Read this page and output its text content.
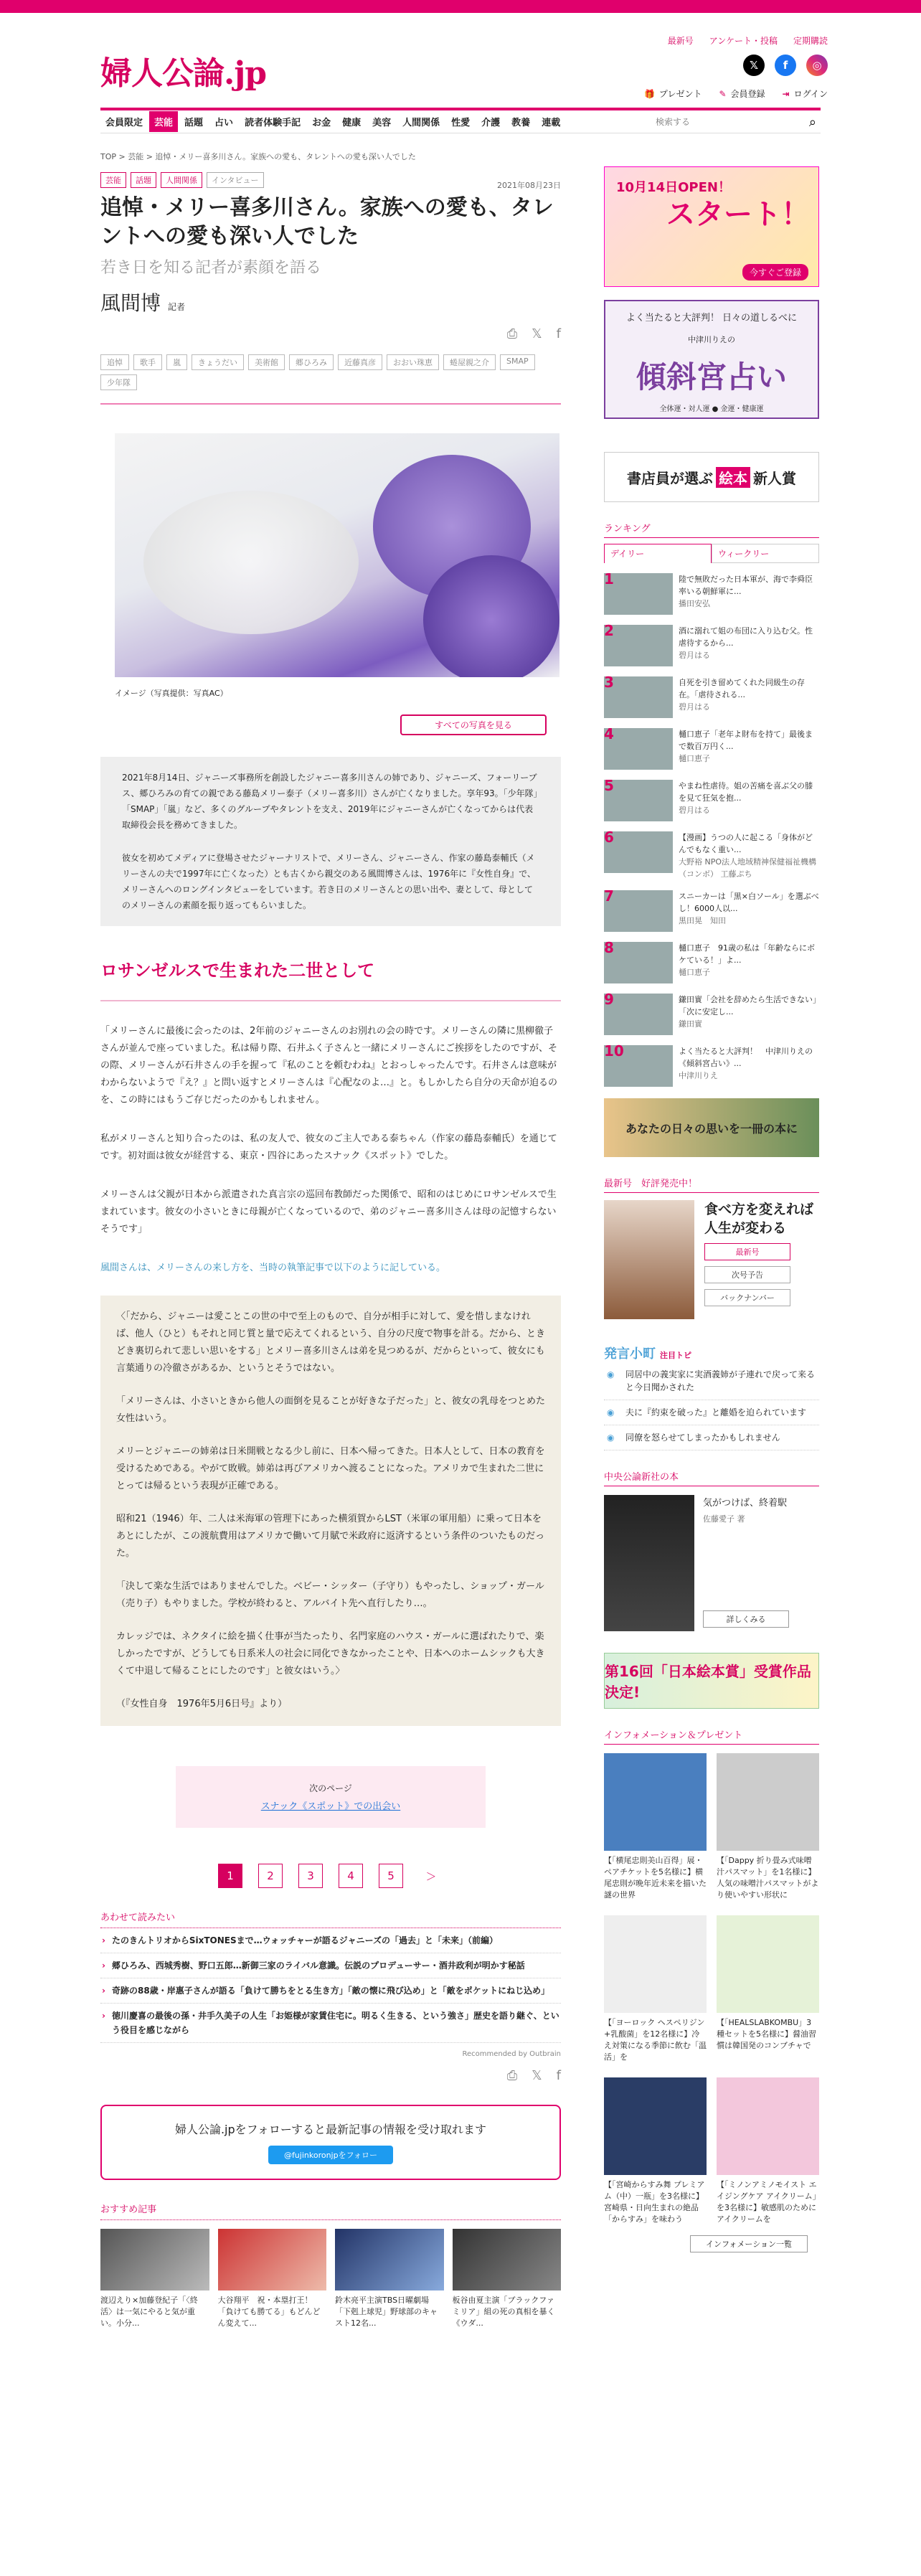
婦人公論.jp
最新号 アンケート・投稿 定期購読
𝕏	f	◎
🎁 プレゼント ✎ 会員登録 ⇥ ログイン
会員限定	芸能	話題	占い	読者体験手記	お金	健康	美容	人間関係	性愛	介護	教養	連載
検索する	⌕
TOP > 芸能 > 追悼・メリー喜多川さん。家族への愛も、タレントへの愛も深い人でした
芸能	話題	人間関係	インタビュー
2021年08月23日
追悼・メリー喜多川さん。家族への愛も、タレントへの愛も深い人でした
若き日を知る記者が素顔を語る
風間博 記者
⎙ 𝕏 f
追悼	歌手	嵐	きょうだい	美術館	郷ひろみ	近藤真彦	おおい珠恵	蜷屋親之介	SMAP
少年隊
イメージ（写真提供：写真AC）
すべての写真を見る

2021年8月14日、ジャニーズ事務所を創設したジャニー喜多川さんの姉であり、ジャニーズ、フォーリーブス、郷ひろみの育ての親である藤島メリー泰子（メリー喜多川）さんが亡くなりました。享年93。「少年隊」「SMAP」「嵐」など、多くのグループやタレントを支え、2019年にジャニーさんが亡くなってからは代表取締役会長を務めてきました。

彼女を初めてメディアに登場させたジャーナリストで、メリーさん、ジャニーさん、作家の藤島泰輔氏（メリーさんの夫で1997年に亡くなった）とも古くから親交のある風間博さんは、1976年に『女性自身』で、メリーさんへのロングインタビューをしています。若き日のメリーさんとの思い出や、妻として、母としてのメリーさんの素顔を振り返ってもらいました。

ロサンゼルスで生まれた二世として

「メリーさんに最後に会ったのは、2年前のジャニーさんのお別れの会の時です。メリーさんの隣に黒柳徹子さんが並んで座っていました。私は帰り際、石井ふく子さんと一緒にメリーさんにご挨拶をしたのですが、その際、メリーさんが石井さんの手を握って『私のことを頼むわね』とおっしゃったんです。石井さんは意味がわからないようで『え？』と問い返すとメリーさんは『心配なのよ…』と。もしかしたら自分の天命が迫るのを、この時にはもうご存じだったのかもしれません。

私がメリーさんと知り合ったのは、私の友人で、彼女のご主人である泰ちゃん（作家の藤島泰輔氏）を通じてです。初対面は彼女が経営する、東京・四谷にあったスナック《スポット》でした。

メリーさんは父親が日本から派遣された真言宗の巡回布教師だった関係で、昭和のはじめにロサンゼルスで生まれています。彼女の小さいときに母親が亡くなっているので、弟のジャニー喜多川さんは母の記憶すらないそうです」

風間さんは、メリーさんの来し方を、当時の執筆記事で以下のように記している。

〈「だから、ジャニーは愛ことこの世の中で至上のもので、自分が相手に対して、愛を惜しまなければ、他人（ひと）もそれと同じ質と量で応えてくれるという、自分の尺度で物事を計る。だから、ときどき裏切られて悲しい思いをする」とメリー喜多川さんは弟を見つめるが、だからといって、彼女にも言葉通りの冷徹さがあるか、というとそうではない。

「メリーさんは、小さいときから他人の面倒を見ることが好きな子だった」と、彼女の乳母をつとめた女性はいう。

メリーとジャニーの姉弟は日米開戦となる少し前に、日本へ帰ってきた。日本人として、日本の教育を受けるためである。やがて敗戦。姉弟は再びアメリカへ渡ることになった。アメリカで生まれた二世にとっては帰るという表現が正確である。

昭和21（1946）年、二人は米海軍の管理下にあった横須賀からLST（米軍の軍用船）に乗って日本をあとにしたが、この渡航費用はアメリカで働いて月賦で米政府に返済するという条件のついたものだった。

「決して楽な生活ではありませんでした。ベビー・シッター（子守り）もやったし、ショップ・ガール（売り子）もやりました。学校が終わると、アルバイト先へ直行したり…。

カレッジでは、ネクタイに絵を描く仕事が当たったり、名門家庭のハウス・ガールに選ばれたりで、楽しかったですが、どうしても日系米人の社会に同化できなかったことや、日本へのホームシックも大きくて中退して帰ることにしたのです」と彼女はいう。〉

（『女性自身　1976年5月6日号』より）

次のページ
スナック《スポット》での出会い
1	2	3	4	5	＞
あわせて読みたい
› たのきんトリオからSixTONESまで…ウォッチャーが語るジャニーズの「過去」と「未来」（前編）
› 郷ひろみ、西城秀樹、野口五郎…新御三家のライバル意識。伝説のプロデューサー・酒井政利が明かす秘話
› 奇跡の88歳・岸惠子さんが語る「負けて勝ちをとる生き方」「敵の懐に飛び込め」と「敵をポケットにねじ込め」
› 徳川慶喜の最後の孫・井手久美子の人生「お姫様が家賃住宅に。明るく生きる、という強さ」歴史を語り継ぐ、という役目を感じながら
Recommended by Outbrain
⎙ 𝕏 f
婦人公論.jpをフォローすると最新記事の情報を受け取れます
@fujinkoronjpをフォロー
おすすめ記事
渡辺えり×加藤登紀子「〈終活〉は一気にやると気が重い。小分...
大谷翔平　祝・本塁打王！「負けても勝てる」もどんどん変えて...
鈴木亮平主演TBS日曜劇場「下剋上球児」野球部のキャスト12名...
板谷由夏主演「ブラックファミリア」組の死の真相を暴く《ウダ...
10月14日OPEN！
スタート！
今すぐご登録
よく当たると大評判！ 日々の道しるべに
中津川りえの
傾斜宮占い
全体運・対人運 ● 金運・健康運
書店員が選ぶ 絵本 新人賞
ランキング
デイリー	ウィークリー
1	陸で無敗だった日本軍が、海で李舜臣率いる朝鮮軍に...
播田安弘
2	酒に溺れて姐の布団に入り込む父。性虐待するから...
碧月はる
3	自死を引き留めてくれた同級生の存在。「虐待される...
碧月はる
4	樋口恵子「老年よ財布を持て」最後まで数百万円く...
樋口恵子
5	やまね性虐待。姐の苦痛を喜ぶ父の膝を見て狂気を抱...
碧月はる
6	【漫画】うつの人に起こる「身体がどんでもなく重い...
大野裕 NPO法人地域精神保健福祉機構（コンボ） 工藤ぷち
7	スニーカーは「黒×白ソール」を選ぶべし！6000人以...
黒田晃　知田
8	樋口恵子　91歳の私は「年齢ならにボケている！」よ...
樋口恵子
9	鎌田實「会社を辞めたら生活できない」「次に安定し...
鎌田實
10	よく当たると大評判！　中津川りえの《傾斜宮占い》...
中津川りえ
あなたの日々の思いを一冊の本に
最新号　 好評発売中！
食べ方を変えれば人生が変わる
最新号
次号予告
バックナンバー
発言小町 注目トピ
◉ 同居中の義実家に実酒義姉が子連れで戻って来ると今日聞かされた
◉ 夫に『約束を破った』と離婚を迫られています
◉ 同僚を怒らせてしまったかもしれません
中央公論新社の本
気がつけば、終着駅
佐藤愛子 著
詳しくみる
第16回「日本絵本賞」受賞作品決定!
インフォメーション＆プレゼント
【「横尾忠則美山百得」展・ペアチケットを5名様に】横尾忠則が晩年近未来を描いた謎の世界
【「Dappy 折り畳み式味噌汁パスマット」を1名様に】人気の味噌汁パスマットがより使いやすい形状に
【「ヨーロック ヘスペリジン+乳酸菌」を12名様に】冷え対策になる季節に飲む「温活」を
【「HEALSLABKOMBU」3種セットを5名様に】醤油習慣は韓国発のコンブチャで
【「宮崎からすみ舞 プレミアム（中）一瓶」を3名様に】宮崎県・日向生まれの絶品「からすみ」を味わう
【「ミノンアミノモイスト エイジングケア アイクリーム」を3名様に】敏感肌のためにアイクリームを
インフォメーション一覧
